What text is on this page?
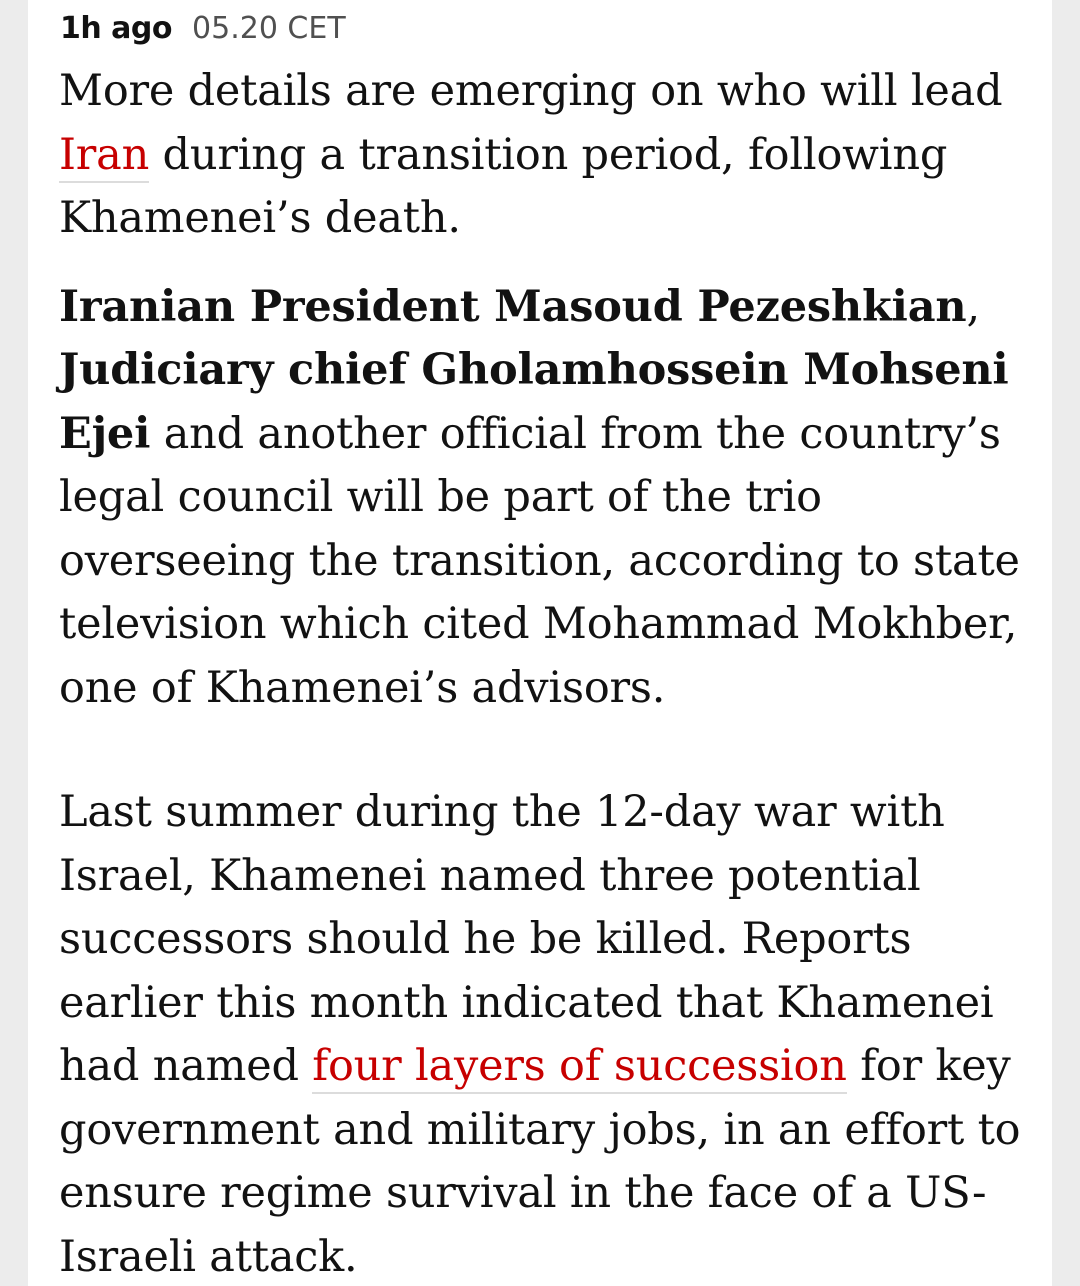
1h ago 05.20 CET

More details are emerging on who will lead Iran during a transition period, following Khamenei’s death.

Iranian President Masoud Pezeshkian, Judiciary chief Gholamhossein Mohseni Ejei and another official from the country’s legal council will be part of the trio overseeing the transition, according to state television which cited Mohammad Mokhber, one of Khamenei’s advisors.

Last summer during the 12-day war with Israel, Khamenei named three potential successors should he be killed. Reports earlier this month indicated that Khamenei had named four layers of succession for key government and military jobs, in an effort to ensure regime survival in the face of a US-Israeli attack.
